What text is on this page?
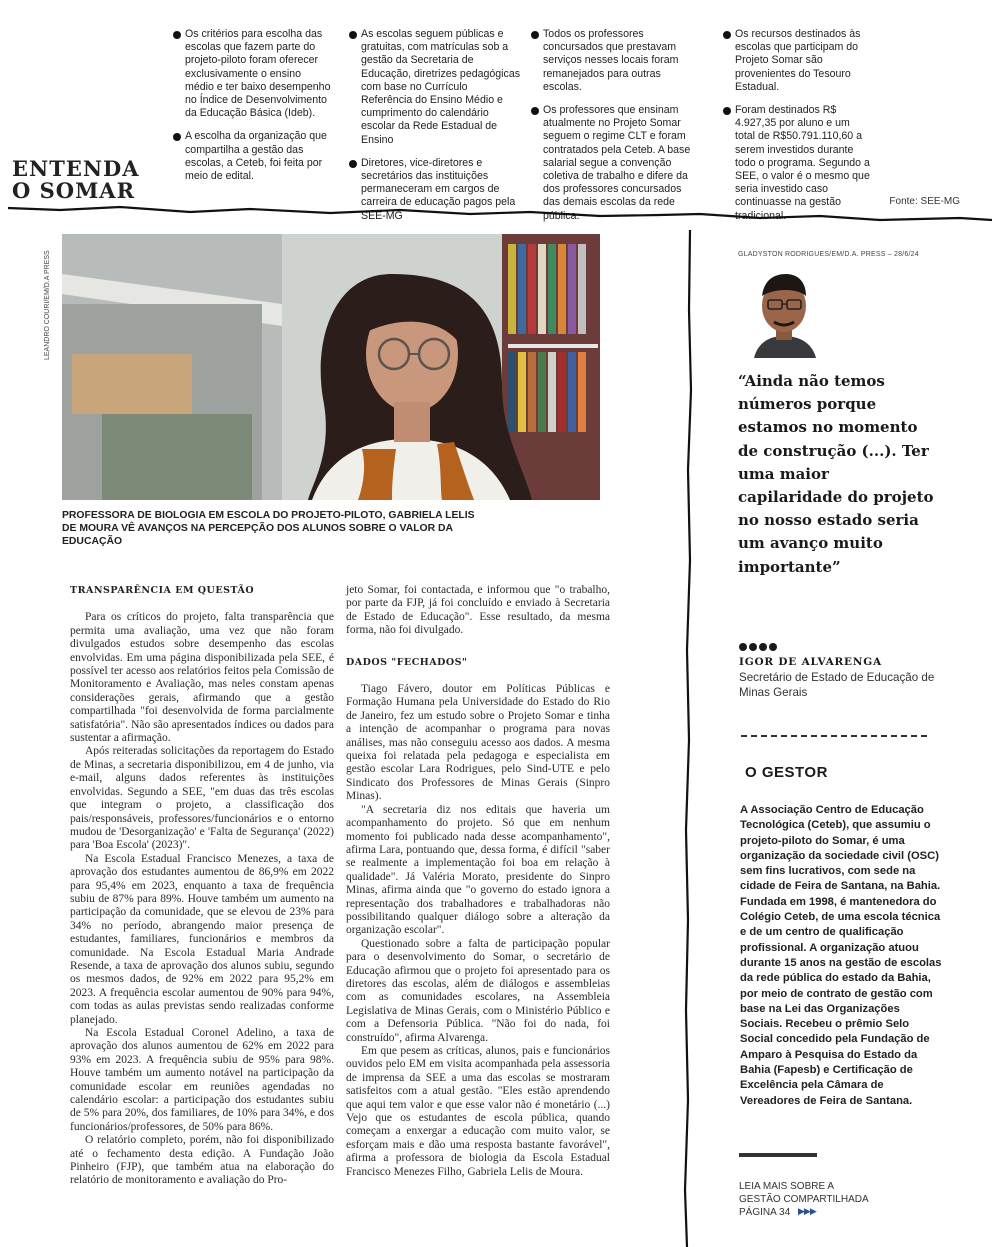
ENTENDA
O SOMAR
Os critérios para escolha das escolas que fazem parte do projeto-piloto foram oferecer exclusivamente o ensino médio e ter baixo desempenho no Índice de Desenvolvimento da Educação Básica (Ideb).
A escolha da organização que compartilha a gestão das escolas, a Ceteb, foi feita por meio de edital.
As escolas seguem públicas e gratuitas, com matrículas sob a gestão da Secretaria de Educação, diretrizes pedagógicas com base no Currículo Referência do Ensino Médio e cumprimento do calendário escolar da Rede Estadual de Ensino
Diretores, vice-diretores e secretários das instituições permaneceram em cargos de carreira de educação pagos pela SEE-MG
Todos os professores concursados que prestavam serviços nesses locais foram remanejados para outras escolas.
Os professores que ensinam atualmente no Projeto Somar seguem o regime CLT e foram contratados pela Ceteb. A base salarial segue a convenção coletiva de trabalho e difere da dos professores concursados das demais escolas da rede pública.
Os recursos destinados às escolas que participam do Projeto Somar são provenientes do Tesouro Estadual.
Foram destinados R$ 4.927,35 por aluno e um total de R$50.791.110,60 a serem investidos durante todo o programa. Segundo a SEE, o valor é o mesmo que seria investido caso continuasse na gestão tradicional.
Fonte: SEE-MG
LEANDRO COURI/EM/D.A PRESS
PROFESSORA DE BIOLOGIA EM ESCOLA DO PROJETO-PILOTO, GABRIELA LELIS DE MOURA VÊ AVANÇOS NA PERCEPÇÃO DOS ALUNOS SOBRE O VALOR DA EDUCAÇÃO

TRANSPARÊNCIA EM QUESTÃO

Para os críticos do projeto, falta transparência que permita uma avaliação, uma vez que não foram divulgados estudos sobre desempenho das escolas envolvidas. Em uma página disponibilizada pela SEE, é possível ter acesso aos relatórios feitos pela Comissão de Monitoramento e Avaliação, mas neles constam apenas considerações gerais, afirmando que a gestão compartilhada "foi desenvolvida de forma parcialmente satisfatória". Não são apresentados índices ou dados para sustentar a afirmação.

Após reiteradas solicitações da reportagem do Estado de Minas, a secretaria disponibilizou, em 4 de junho, via e-mail, alguns dados referentes às instituições envolvidas. Segundo a SEE, "em duas das três escolas que integram o projeto, a classificação dos pais/responsáveis, professores/funcionários e o entorno mudou de 'Desorganização' e 'Falta de Segurança' (2022) para 'Boa Escola' (2023)".

Na Escola Estadual Francisco Menezes, a taxa de aprovação dos estudantes aumentou de 86,9% em 2022 para 95,4% em 2023, enquanto a taxa de frequência subiu de 87% para 89%. Houve também um aumento na participação da comunidade, que se elevou de 23% para 34% no período, abrangendo maior presença de estudantes, familiares, funcionários e membros da comunidade. Na Escola Estadual Maria Andrade Resende, a taxa de aprovação dos alunos subiu, segundo os mesmos dados, de 92% em 2022 para 95,2% em 2023. A frequência escolar aumentou de 90% para 94%, com todas as aulas previstas sendo realizadas conforme planejado.

Na Escola Estadual Coronel Adelino, a taxa de aprovação dos alunos aumentou de 62% em 2022 para 93% em 2023. A frequência subiu de 95% para 98%. Houve também um aumento notável na participação da comunidade escolar em reuniões agendadas no calendário escolar: a participação dos estudantes subiu de 5% para 20%, dos familiares, de 10% para 34%, e dos funcionários/professores, de 50% para 86%.

O relatório completo, porém, não foi disponibilizado até o fechamento desta edição. A Fundação João Pinheiro (FJP), que também atua na elaboração do relatório de monitoramento e avaliação do Pro-

jeto Somar, foi contactada, e informou que "o trabalho, por parte da FJP, já foi concluído e enviado à Secretaria de Estado de Educação". Esse resultado, da mesma forma, não foi divulgado.

DADOS "FECHADOS"

Tiago Fávero, doutor em Políticas Públicas e Formação Humana pela Universidade do Estado do Rio de Janeiro, fez um estudo sobre o Projeto Somar e tinha a intenção de acompanhar o programa para novas análises, mas não conseguiu acesso aos dados. A mesma queixa foi relatada pela pedagoga e especialista em gestão escolar Lara Rodrigues, pelo Sind-UTE e pelo Sindicato dos Professores de Minas Gerais (Sinpro Minas).

"A secretaria diz nos editais que haveria um acompanhamento do projeto. Só que em nenhum momento foi publicado nada desse acompanhamento", afirma Lara, pontuando que, dessa forma, é difícil "saber se realmente a implementação foi boa em relação à qualidade". Já Valéria Morato, presidente do Sinpro Minas, afirma ainda que "o governo do estado ignora a representação dos trabalhadores e trabalhadoras não possibilitando qualquer diálogo sobre a alteração da organização escolar".

Questionado sobre a falta de participação popular para o desenvolvimento do Somar, o secretário de Educação afirmou que o projeto foi apresentado para os diretores das escolas, além de diálogos e assembleias com as comunidades escolares, na Assembleia Legislativa de Minas Gerais, com o Ministério Público e com a Defensoria Pública. "Não foi do nada, foi construído", afirma Alvarenga.

Em que pesem as críticas, alunos, pais e funcionários ouvidos pelo EM em visita acompanhada pela assessoria de imprensa da SEE a uma das escolas se mostraram satisfeitos com a atual gestão. "Eles estão aprendendo que aqui tem valor e que esse valor não é monetário (...) Vejo que os estudantes de escola pública, quando começam a enxergar a educação com muito valor, se esforçam mais e dão uma resposta bastante favorável", afirma a professora de biologia da Escola Estadual Francisco Menezes Filho, Gabriela Lelis de Moura.

GLADYSTON RODRIGUES/EM/D.A. PRESS – 28/6/24
“Ainda não temos números porque estamos no momento de construção (...). Ter uma maior capilaridade do projeto no nosso estado seria um avanço muito importante”
IGOR DE ALVARENGA
Secretário de Estado de Educação de Minas Gerais
O GESTOR
A Associação Centro de Educação Tecnológica (Ceteb), que assumiu o projeto-piloto do Somar, é uma organização da sociedade civil (OSC) sem fins lucrativos, com sede na cidade de Feira de Santana, na Bahia. Fundada em 1998, é mantenedora do Colégio Ceteb, de uma escola técnica e de um centro de qualificação profissional. A organização atuou durante 15 anos na gestão de escolas da rede pública do estado da Bahia, por meio de contrato de gestão com base na Lei das Organizações Sociais. Recebeu o prêmio Selo Social concedido pela Fundação de Amparo à Pesquisa do Estado da Bahia (Fapesb) e Certificação de Excelência pela Câmara de Vereadores de Feira de Santana.
LEIA MAIS SOBRE A
GESTÃO COMPARTILHADA
PÁGINA 34 ▶▶▶
